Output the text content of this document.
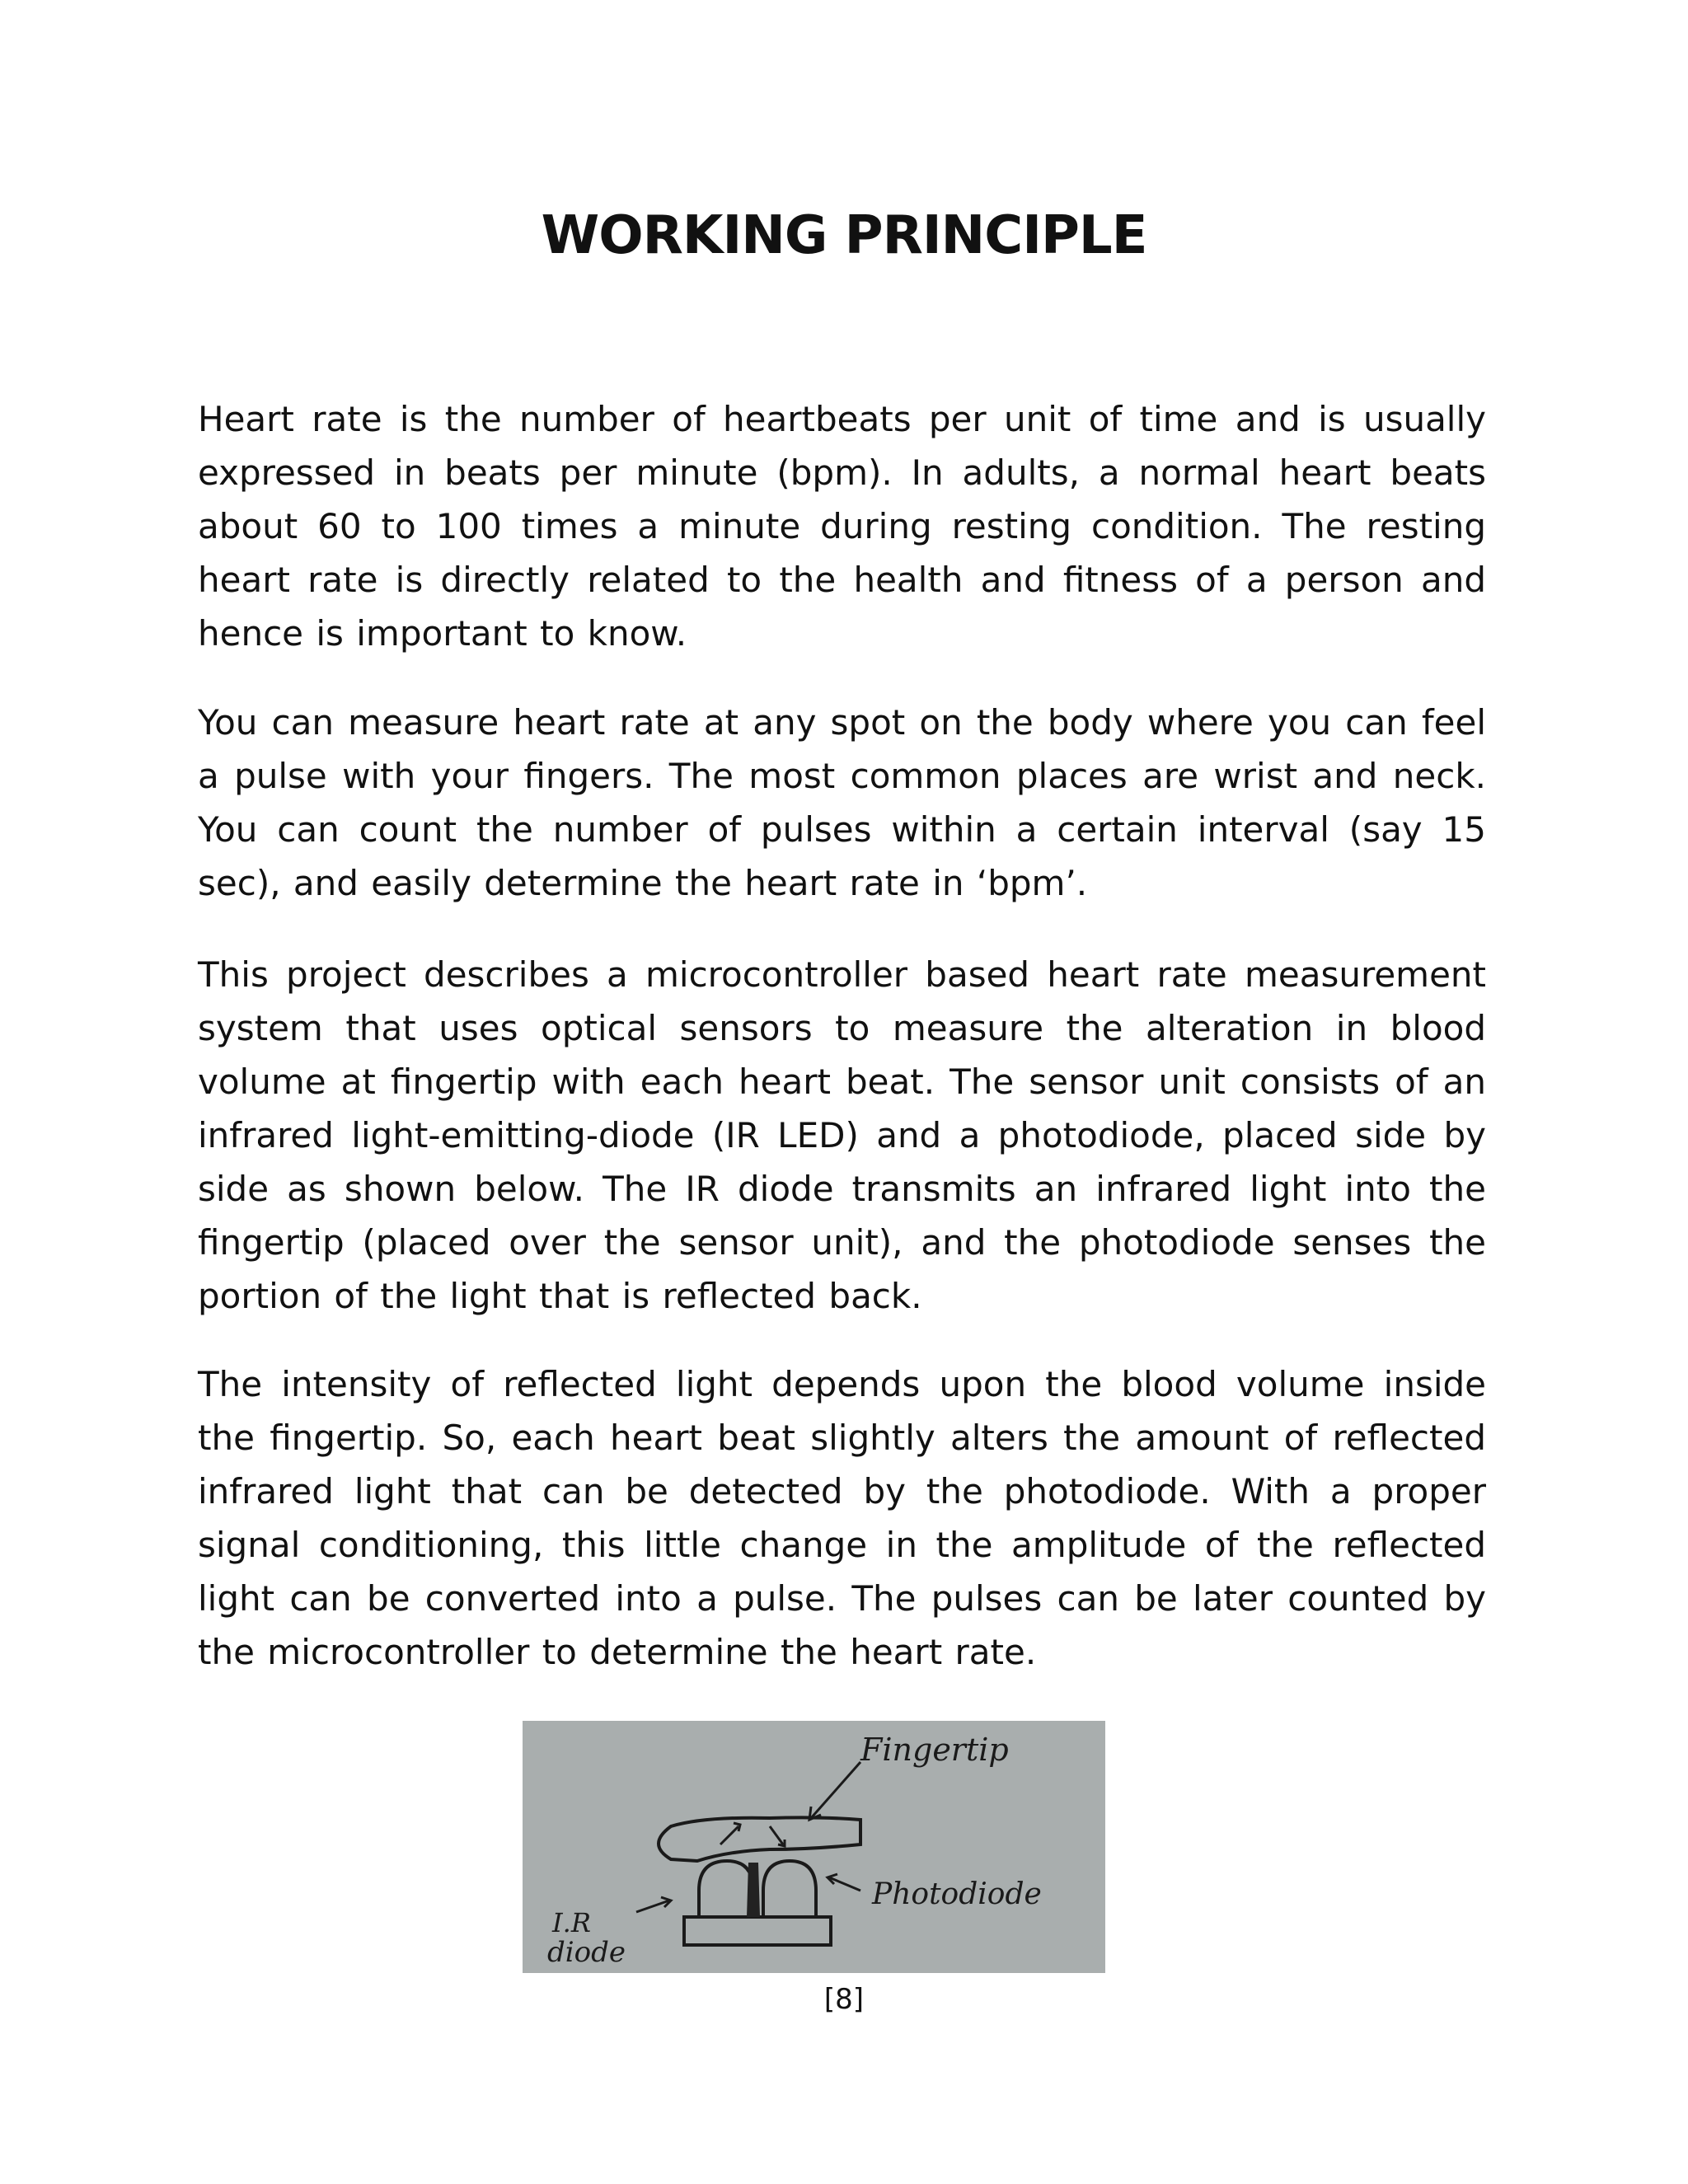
WORKING PRINCIPLE

Heart rate is the number of heartbeats per unit of time and is usually expressed in beats per minute (bpm). In adults, a normal heart beats about 60 to 100 times a minute during resting condition. The resting heart rate is directly related to the health and fitness of a person and hence is important to know.

You can measure heart rate at any spot on the body where you can feel a pulse with your fingers. The most common places are wrist and neck. You can count the number of pulses within a certain interval (say 15 sec), and easily determine the heart rate in ‘bpm’.

This project describes a microcontroller based heart rate measurement system that uses optical sensors to measure the alteration in blood volume at fingertip with each heart beat. The sensor unit consists of an infrared light-emitting-diode (IR LED) and a photodiode, placed side by side as shown below. The IR diode transmits an infrared light into the fingertip (placed over the sensor unit), and the photodiode senses the portion of the light that is reflected back.

The intensity of reflected light depends upon the blood volume inside the fingertip. So, each heart beat slightly alters the amount of reflected infrared light that can be detected by the photodiode. With a proper signal conditioning, this little change in the amplitude of the reflected light can be converted into a pulse. The pulses can be later counted by the microcontroller to determine the heart rate.

Fingertip
Photodiode
I.R
diode
[8]
